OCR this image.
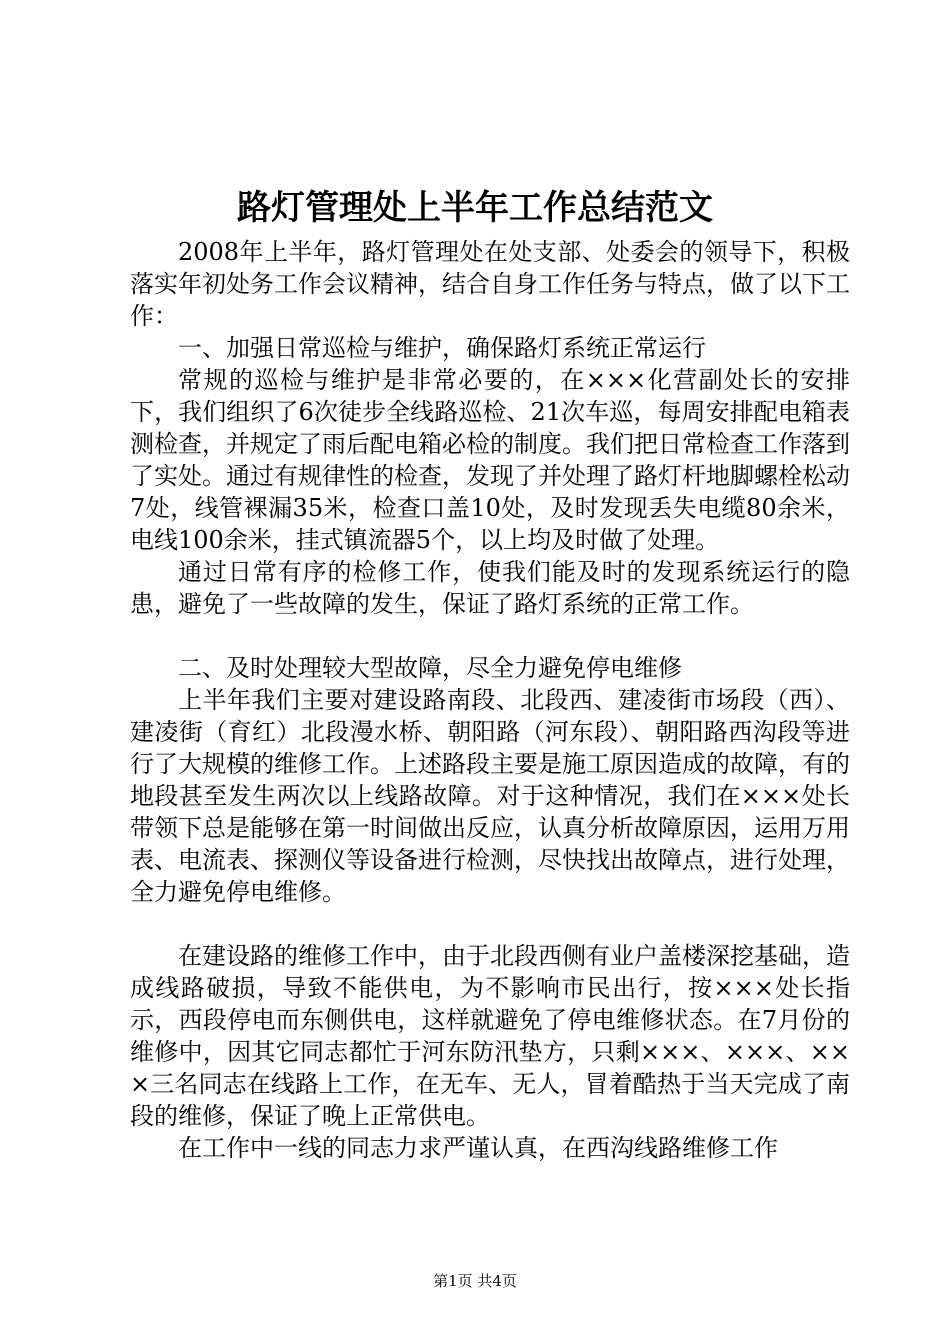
路灯管理处上半年工作总结范文

2008年上半年，路灯管理处在处支部、处委会的领导下，积极落实年初处务工作会议精神，结合自身工作任务与特点，做了以下工作：

一、加强日常巡检与维护，确保路灯系统正常运行

常规的巡检与维护是非常必要的，在×××化营副处长的安排下，我们组织了6次徒步全线路巡检、21次车巡，每周安排配电箱表测检查，并规定了雨后配电箱必检的制度。我们把日常检查工作落到了实处。通过有规律性的检查，发现了并处理了路灯杆地脚螺栓松动7处，线管裸漏35米，检查口盖10处，及时发现丢失电缆80余米，电线100余米，挂式镇流器5个，以上均及时做了处理。

通过日常有序的检修工作，使我们能及时的发现系统运行的隐患，避免了一些故障的发生，保证了路灯系统的正常工作。

二、及时处理较大型故障，尽全力避免停电维修

上半年我们主要对建设路南段、北段西、建凌街市场段（西）、建凌街（育红）北段漫水桥、朝阳路（河东段）、朝阳路西沟段等进行了大规模的维修工作。上述路段主要是施工原因造成的故障，有的地段甚至发生两次以上线路故障。对于这种情况，我们在×××处长带领下总是能够在第一时间做出反应，认真分析故障原因，运用万用表、电流表、探测仪等设备进行检测，尽快找出故障点，进行处理，全力避免停电维修。

在建设路的维修工作中，由于北段西侧有业户盖楼深挖基础，造成线路破损，导致不能供电，为不影响市民出行，按×××处长指示，西段停电而东侧供电，这样就避免了停电维修状态。在7月份的维修中，因其它同志都忙于河东防汛垫方，只剩×××、×××、×××三名同志在线路上工作，在无车、无人，冒着酷热于当天完成了南段的维修，保证了晚上正常供电。

在工作中一线的同志力求严谨认真，在西沟线路维修工作

第1页 共4页
